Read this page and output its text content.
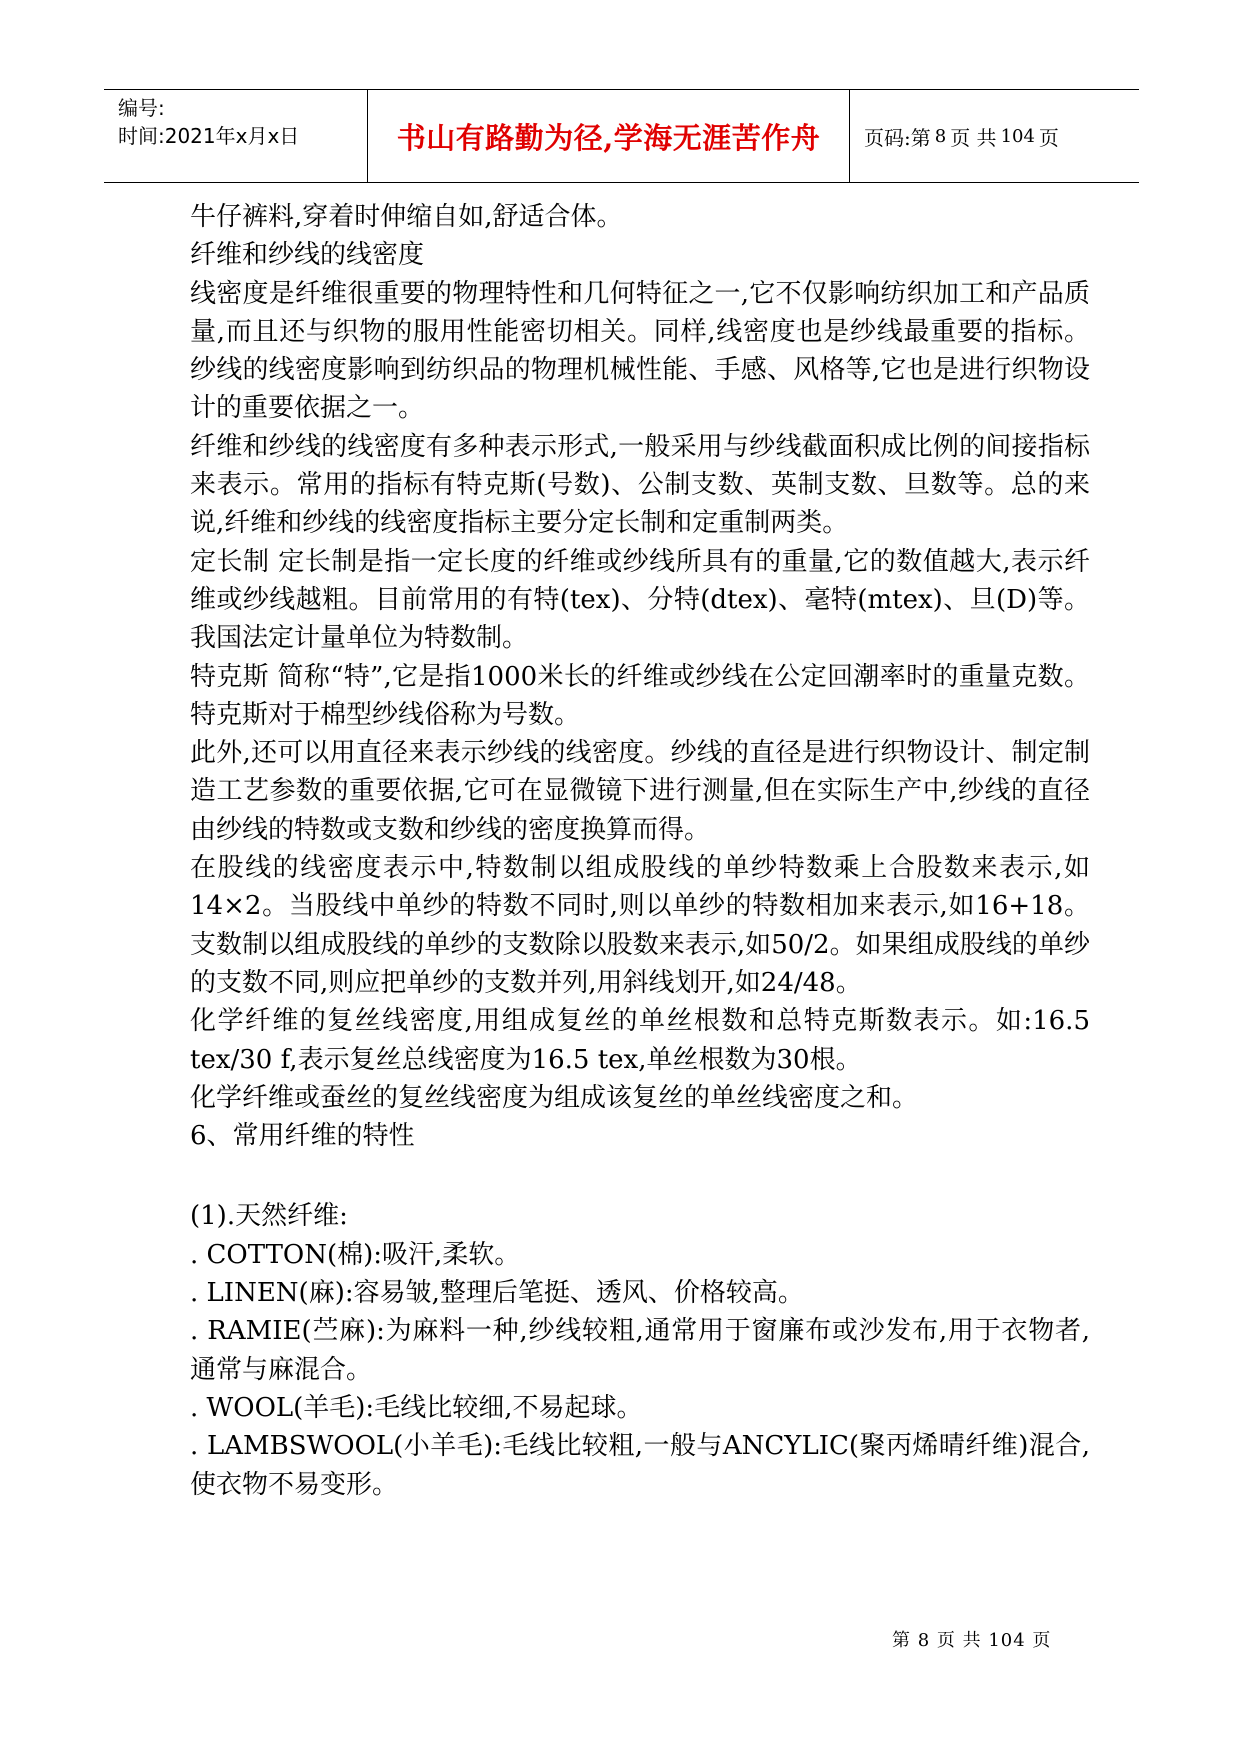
编号:
时间:2021年x月x日	书山有路勤为径,学海无涯苦作舟	页码:第 8 页 共 104 页

牛仔裤料,穿着时伸缩自如,舒适合体。

纤维和纱线的线密度

线密度是纤维很重要的物理特性和几何特征之一,它不仅影响纺织加工和产品质量,而且还与织物的服用性能密切相关。同样,线密度也是纱线最重要的指标。纱线的线密度影响到纺织品的物理机械性能、手感、风格等,它也是进行织物设计的重要依据之一。

纤维和纱线的线密度有多种表示形式,一般采用与纱线截面积成比例的间接指标来表示。常用的指标有特克斯(号数)、公制支数、英制支数、旦数等。总的来说,纤维和纱线的线密度指标主要分定长制和定重制两类。

定长制 定长制是指一定长度的纤维或纱线所具有的重量,它的数值越大,表示纤维或纱线越粗。目前常用的有特(tex)、分特(dtex)、毫特(mtex)、旦(D)等。我国法定计量单位为特数制。

特克斯 简称“特”,它是指1000米长的纤维或纱线在公定回潮率时的重量克数。特克斯对于棉型纱线俗称为号数。

此外,还可以用直径来表示纱线的线密度。纱线的直径是进行织物设计、制定制造工艺参数的重要依据,它可在显微镜下进行测量,但在实际生产中,纱线的直径由纱线的特数或支数和纱线的密度换算而得。

在股线的线密度表示中,特数制以组成股线的单纱特数乘上合股数来表示,如14×2。当股线中单纱的特数不同时,则以单纱的特数相加来表示,如16+18。支数制以组成股线的单纱的支数除以股数来表示,如50/2。如果组成股线的单纱的支数不同,则应把单纱的支数并列,用斜线划开,如24/48。

化学纤维的复丝线密度,用组成复丝的单丝根数和总特克斯数表示。如:16.5 tex/30 f,表示复丝总线密度为16.5 tex,单丝根数为30根。

化学纤维或蚕丝的复丝线密度为组成该复丝的单丝线密度之和。

6、常用纤维的特性

(1).天然纤维:

. COTTON(棉):吸汗,柔软。

. LINEN(麻):容易皱,整理后笔挺、透风、价格较高。

. RAMIE(苎麻):为麻料一种,纱线较粗,通常用于窗廉布或沙发布,用于衣物者,通常与麻混合。

. WOOL(羊毛):毛线比较细,不易起球。

. LAMBSWOOL(小羊毛):毛线比较粗,一般与ANCYLIC(聚丙烯晴纤维)混合,使衣物不易变形。

第 8 页 共 104 页
